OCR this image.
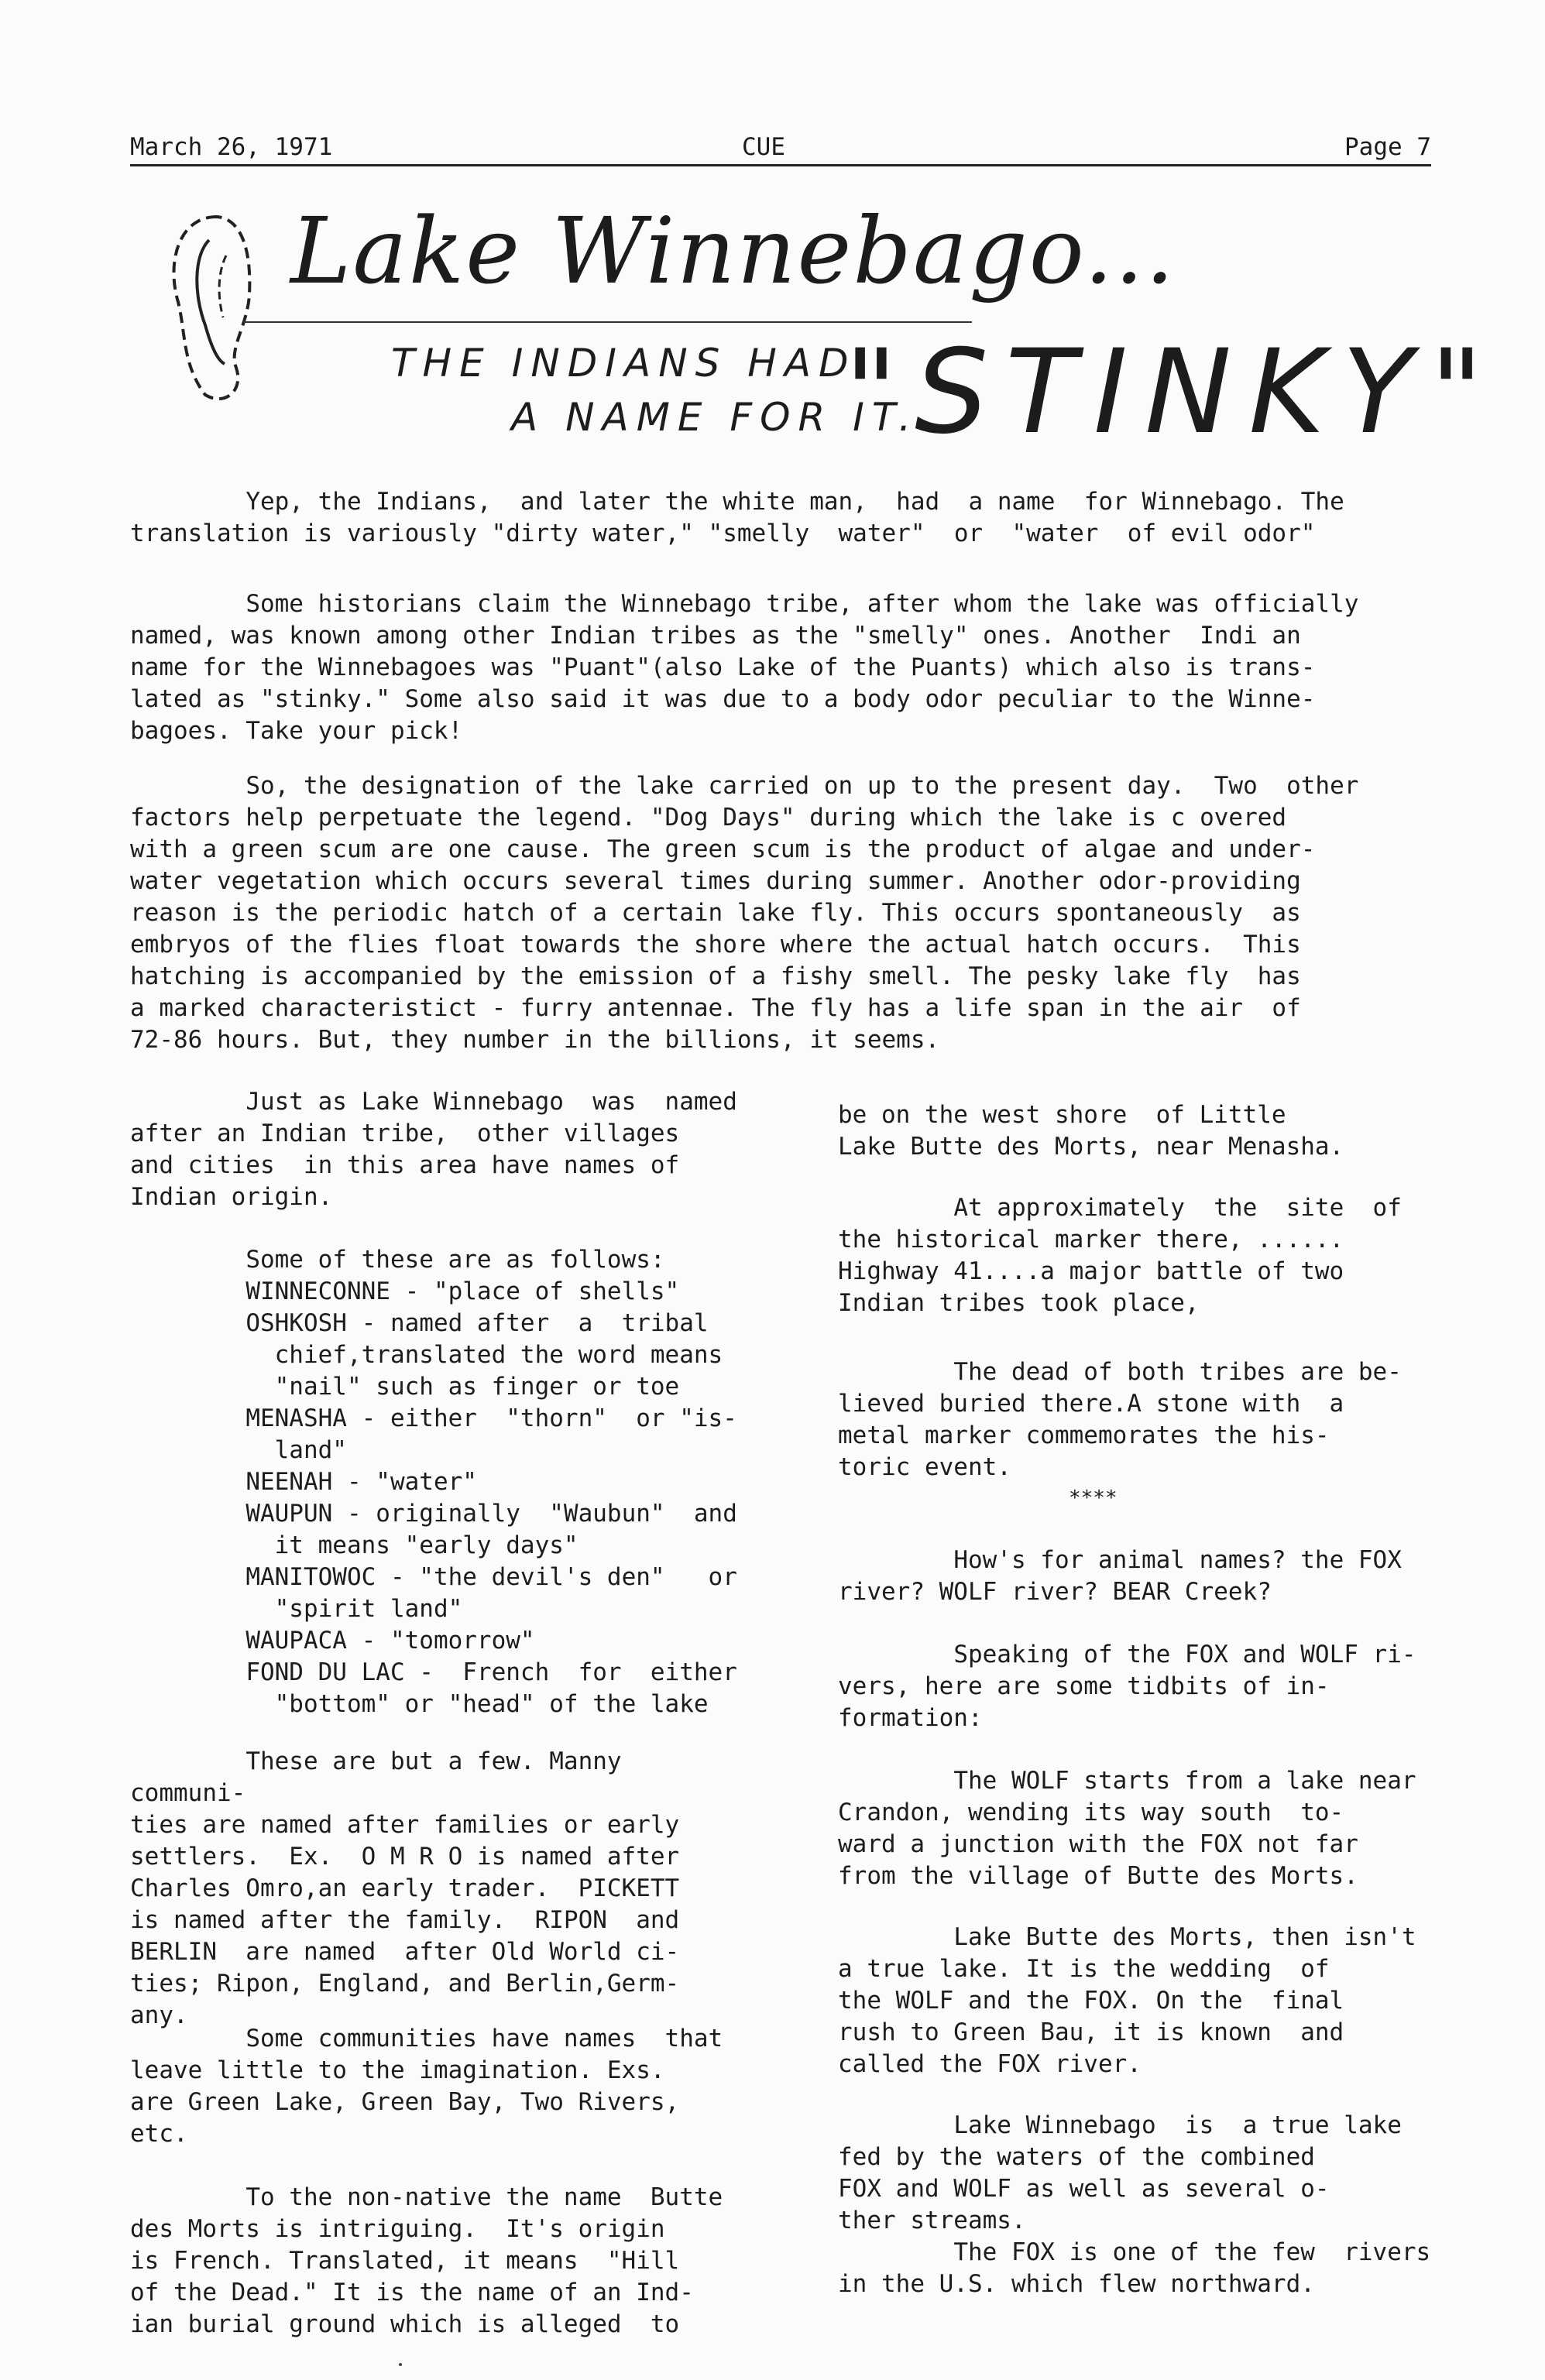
March 26, 1971	CUE	Page 7
Lake Winnebago...
THE INDIANS HAD
A NAME FOR IT...
"STINKY"

Yep, the Indians,  and later the white man,  had  a name  for Winnebago. The
translation is variously "dirty water," "smelly  water"  or  "water  of evil odor"

Some historians claim the Winnebago tribe, after whom the lake was officially
named, was known among other Indian tribes as the "smelly" ones. Another  Indi an
name for the Winnebagoes was "Puant"(also Lake of the Puants) which also is trans-
lated as "stinky." Some also said it was due to a body odor peculiar to the Winne-
bagoes. Take your pick!

So, the designation of the lake carried on up to the present day.  Two  other
factors help perpetuate the legend. "Dog Days" during which the lake is c overed
with a green scum are one cause. The green scum is the product of algae and under-
water vegetation which occurs several times during summer. Another odor-providing
reason is the periodic hatch of a certain lake fly. This occurs spontaneously  as
embryos of the flies float towards the shore where the actual hatch occurs.  This
hatching is accompanied by the emission of a fishy smell. The pesky lake fly  has
a marked characteristict - furry antennae. The fly has a life span in the air  of
72-86 hours. But, they number in the billions, it seems.

Just as Lake Winnebago  was  named
after an Indian tribe,  other villages
and cities  in this area have names of
Indian origin.

Some of these are as follows:
WINNECONNE - "place of shells"
OSHKOSH - named after  a  tribal
chief,translated the word means
"nail" such as finger or toe
MENASHA - either  "thorn"  or "is-
land"
NEENAH - "water"
WAUPUN - originally  "Waubun"  and
it means "early days"
MANITOWOC - "the devil's den"   or
"spirit land"
WAUPACA - "tomorrow"
FOND DU LAC -  French  for  either
"bottom" or "head" of the lake

These are but a few. Manny communi-
ties are named after families or early
settlers.  Ex.  O M R O is named after
Charles Omro,an early trader.  PICKETT
is named after the family.  RIPON  and
BERLIN  are named  after Old World ci-
ties; Ripon, England, and Berlin,Germ-
any.

Some communities have names  that
leave little to the imagination. Exs.
are Green Lake, Green Bay, Two Rivers,
etc.

To the non-native the name  Butte
des Morts is intriguing.  It's origin
is French. Translated, it means  "Hill
of the Dead." It is the name of an Ind-
ian burial ground which is alleged  to

be on the west shore  of Little
Lake Butte des Morts, near Menasha.

At approximately  the  site  of
the historical marker there, ......
Highway 41....a major battle of two
Indian tribes took place,

The dead of both tribes are be-
lieved buried there.A stone with  a
metal marker commemorates the his-
toric event.

****

How's for animal names? the FOX
river? WOLF river? BEAR Creek?

Speaking of the FOX and WOLF ri-
vers, here are some tidbits of in-
formation:

The WOLF starts from a lake near
Crandon, wending its way south  to-
ward a junction with the FOX not far
from the village of Butte des Morts.

Lake Butte des Morts, then isn't
a true lake. It is the wedding  of
the WOLF and the FOX. On the  final
rush to Green Bau, it is known  and
called the FOX river.

Lake Winnebago  is  a true lake
fed by the waters of the combined
FOX and WOLF as well as several o-
ther streams.
The FOX is one of the few  rivers
in the U.S. which flew northward.
